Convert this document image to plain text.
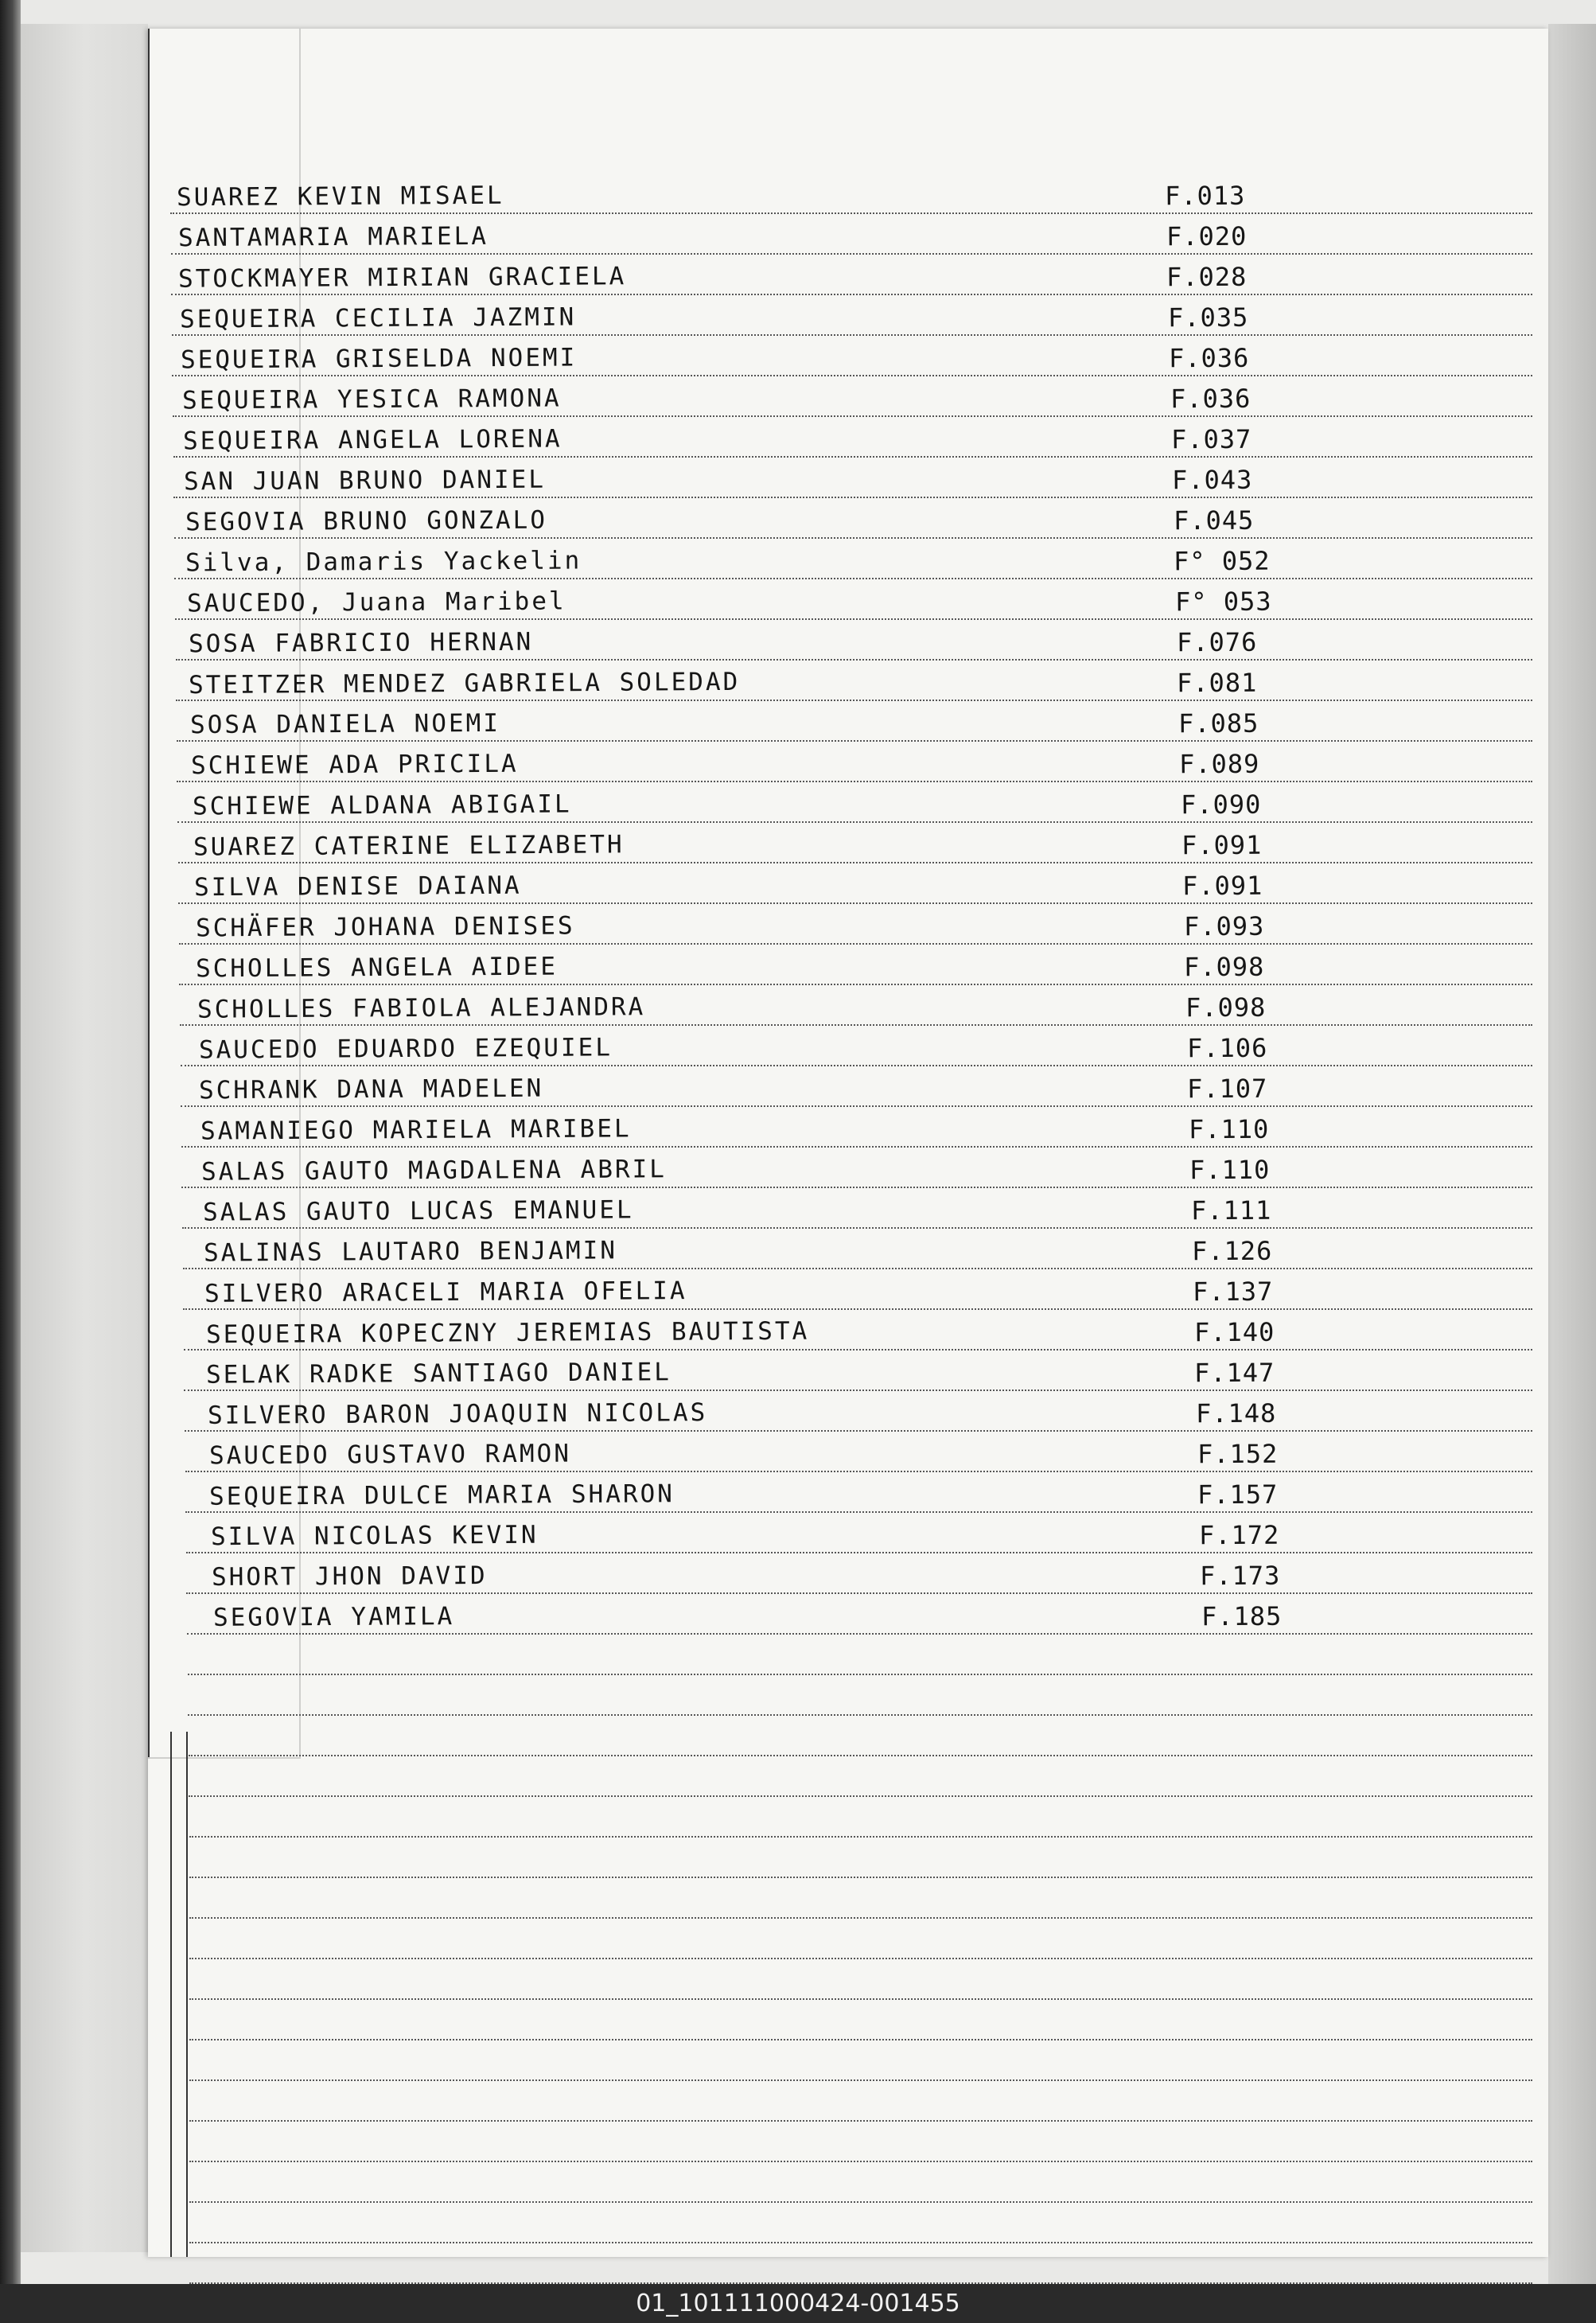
SUAREZ KEVIN MISAEL	F.013
SANTAMARIA MARIELA	F.020
STOCKMAYER MIRIAN GRACIELA	F.028
SEQUEIRA CECILIA JAZMIN	F.035
SEQUEIRA GRISELDA NOEMI	F.036
SEQUEIRA YESICA RAMONA	F.036
SEQUEIRA ANGELA LORENA	F.037
SAN JUAN BRUNO DANIEL	F.043
SEGOVIA BRUNO GONZALO	F.045
Silva, Damaris Yackelin	F° 052
SAUCEDO, Juana Maribel	F° 053
SOSA FABRICIO HERNAN	F.076
STEITZER MENDEZ GABRIELA SOLEDAD	F.081
SOSA DANIELA NOEMI	F.085
SCHIEWE ADA PRICILA	F.089
SCHIEWE ALDANA ABIGAIL	F.090
SUAREZ CATERINE ELIZABETH	F.091
SILVA DENISE DAIANA	F.091
SCHÄFER JOHANA DENISES	F.093
SCHOLLES ANGELA AIDEE	F.098
SCHOLLES FABIOLA ALEJANDRA	F.098
SAUCEDO EDUARDO EZEQUIEL	F.106
SCHRANK DANA MADELEN	F.107
SAMANIEGO MARIELA MARIBEL	F.110
SALAS GAUTO MAGDALENA ABRIL	F.110
SALAS GAUTO LUCAS EMANUEL	F.111
SALINAS LAUTARO BENJAMIN	F.126
SILVERO ARACELI MARIA OFELIA	F.137
SEQUEIRA KOPECZNY JEREMIAS BAUTISTA	F.140
SELAK RADKE SANTIAGO DANIEL	F.147
SILVERO BARON JOAQUIN NICOLAS	F.148
SAUCEDO GUSTAVO RAMON	F.152
SEQUEIRA DULCE MARIA SHARON	F.157
SILVA NICOLAS KEVIN	F.172
SHORT JHON DAVID	F.173
SEGOVIA YAMILA	F.185
01_101111000424-001455
